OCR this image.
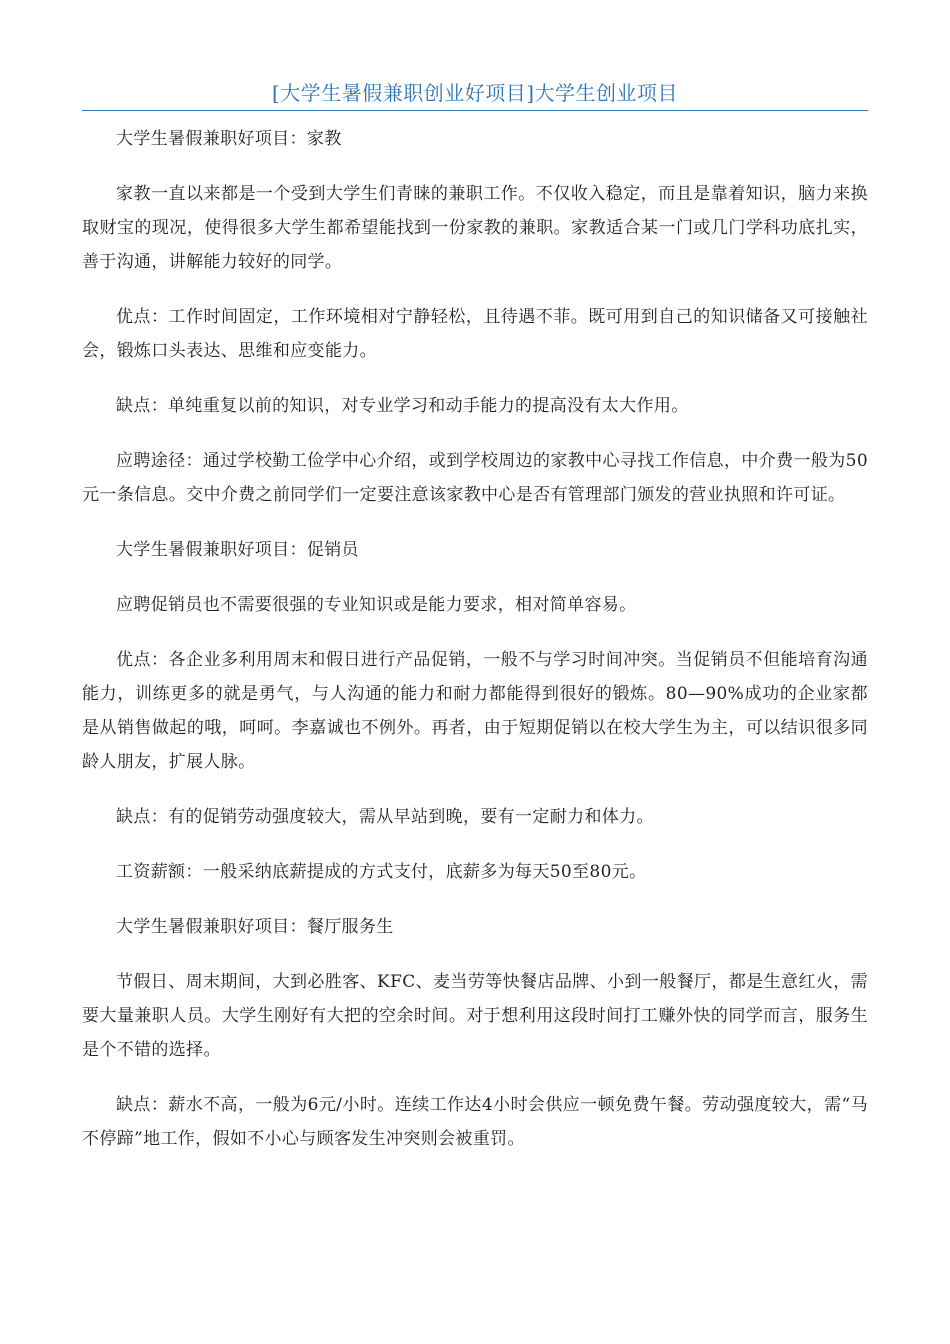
[大学生暑假兼职创业好项目]大学生创业项目

大学生暑假兼职好项目：家教

家教一直以来都是一个受到大学生们青睐的兼职工作。不仅收入稳定，而且是靠着知识，脑力来换取财宝的现况，使得很多大学生都希望能找到一份家教的兼职。家教适合某一门或几门学科功底扎实，善于沟通，讲解能力较好的同学。

优点：工作时间固定，工作环境相对宁静轻松，且待遇不菲。既可用到自己的知识储备又可接触社会，锻炼口头表达、思维和应变能力。

缺点：单纯重复以前的知识，对专业学习和动手能力的提高没有太大作用。

应聘途径：通过学校勤工俭学中心介绍，或到学校周边的家教中心寻找工作信息，中介费一般为50元一条信息。交中介费之前同学们一定要注意该家教中心是否有管理部门颁发的营业执照和许可证。

大学生暑假兼职好项目：促销员

应聘促销员也不需要很强的专业知识或是能力要求，相对简单容易。

优点：各企业多利用周末和假日进行产品促销，一般不与学习时间冲突。当促销员不但能培育沟通能力，训练更多的就是勇气，与人沟通的能力和耐力都能得到很好的锻炼。80—90%成功的企业家都是从销售做起的哦，呵呵。李嘉诚也不例外。再者，由于短期促销以在校大学生为主，可以结识很多同龄人朋友，扩展人脉。

缺点：有的促销劳动强度较大，需从早站到晚，要有一定耐力和体力。

工资薪额：一般采纳底薪提成的方式支付，底薪多为每天50至80元。

大学生暑假兼职好项目：餐厅服务生

节假日、周末期间，大到必胜客、KFC、麦当劳等快餐店品牌、小到一般餐厅，都是生意红火，需要大量兼职人员。大学生刚好有大把的空余时间。对于想利用这段时间打工赚外快的同学而言，服务生是个不错的选择。

缺点：薪水不高，一般为6元/小时。连续工作达4小时会供应一顿免费午餐。劳动强度较大，需“马不停蹄”地工作，假如不小心与顾客发生冲突则会被重罚。
